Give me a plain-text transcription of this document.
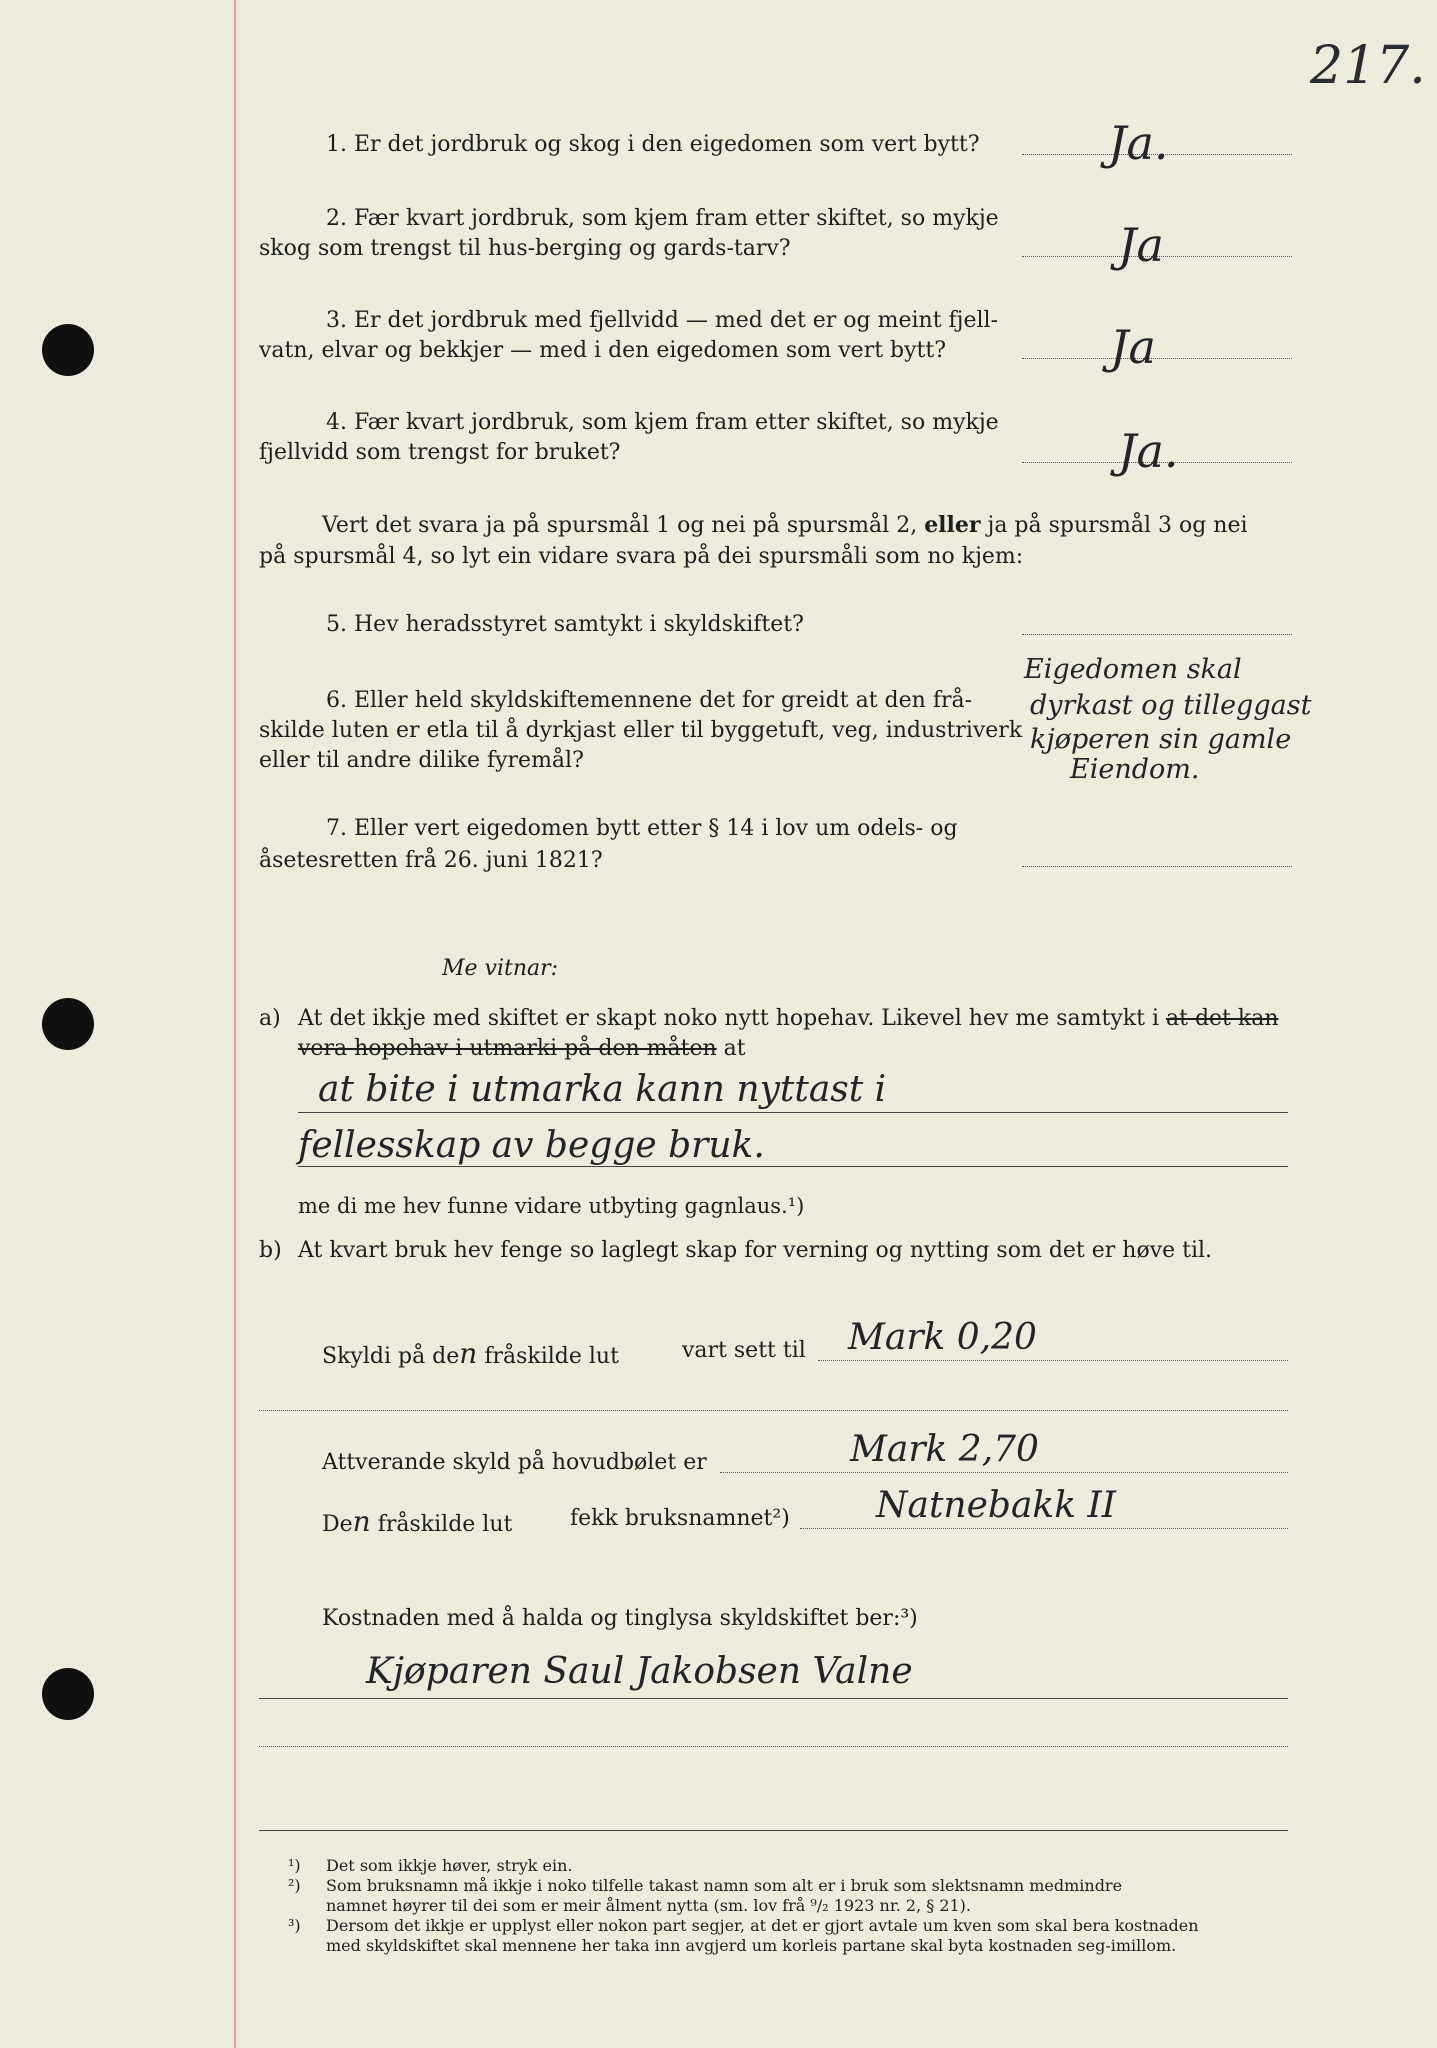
217.
1. Er det jordbruk og skog i den eigedomen som vert bytt?	Ja.
2. Fær kvart jordbruk, som kjem fram etter skiftet, so mykje
skog som trengst til hus-berging og gards-tarv?	Ja
3. Er det jordbruk med fjellvidd — med det er og meint fjell-
vatn, elvar og bekkjer — med i den eigedomen som vert bytt?	Ja
4. Fær kvart jordbruk, som kjem fram etter skiftet, so mykje
fjellvidd som trengst for bruket?	Ja.
Vert det svara ja på spursmål 1 og nei på spursmål 2, eller ja på spursmål 3 og nei
på spursmål 4, so lyt ein vidare svara på dei spursmåli som no kjem:
5. Hev heradsstyret samtykt i skyldskiftet?
6. Eller held skyldskiftemennene det for greidt at den frå-
skilde luten er etla til å dyrkjast eller til byggetuft, veg, industriverk
eller til andre dilike fyremål?
Eigedomen skal
dyrkast og tilleggast
kjøperen sin gamle
Eiendom.
7. Eller vert eigedomen bytt etter § 14 i lov um odels- og
åsetesretten frå 26. juni 1821?
Me vitnar:
a) At det ikkje med skiftet er skapt noko nytt hopehav. Likevel hev me samtykt i at det kan
vera hopehav i utmarki på den måten at
at bite i utmarka kann nyttast i
fellesskap av begge bruk.
me di me hev funne vidare utbyting gagnlaus.¹)
b) At kvart bruk hev fenge so laglegt skap for verning og nytting som det er høve til.
Skyldi på den fråskilde lut	vart sett til Mark 0,20
Attverande skyld på hovudbølet er	Mark 2,70
Den fråskilde lut	fekk bruksnamnet²) Natnebakk II
Kostnaden med å halda og tinglysa skyldskiftet ber:³)
Kjøparen Saul Jakobsen Valne
¹) Det som ikkje høver, stryk ein.
²) Som bruksnamn må ikkje i noko tilfelle takast namn som alt er i bruk som slektsnamn medmindre
namnet høyrer til dei som er meir ålment nytta (sm. lov frå ⁹/₂ 1923 nr. 2, § 21).
³) Dersom det ikkje er upplyst eller nokon part segjer, at det er gjort avtale um kven som skal bera kostnaden
med skyldskiftet skal mennene her taka inn avgjerd um korleis partane skal byta kostnaden seg-imillom.
